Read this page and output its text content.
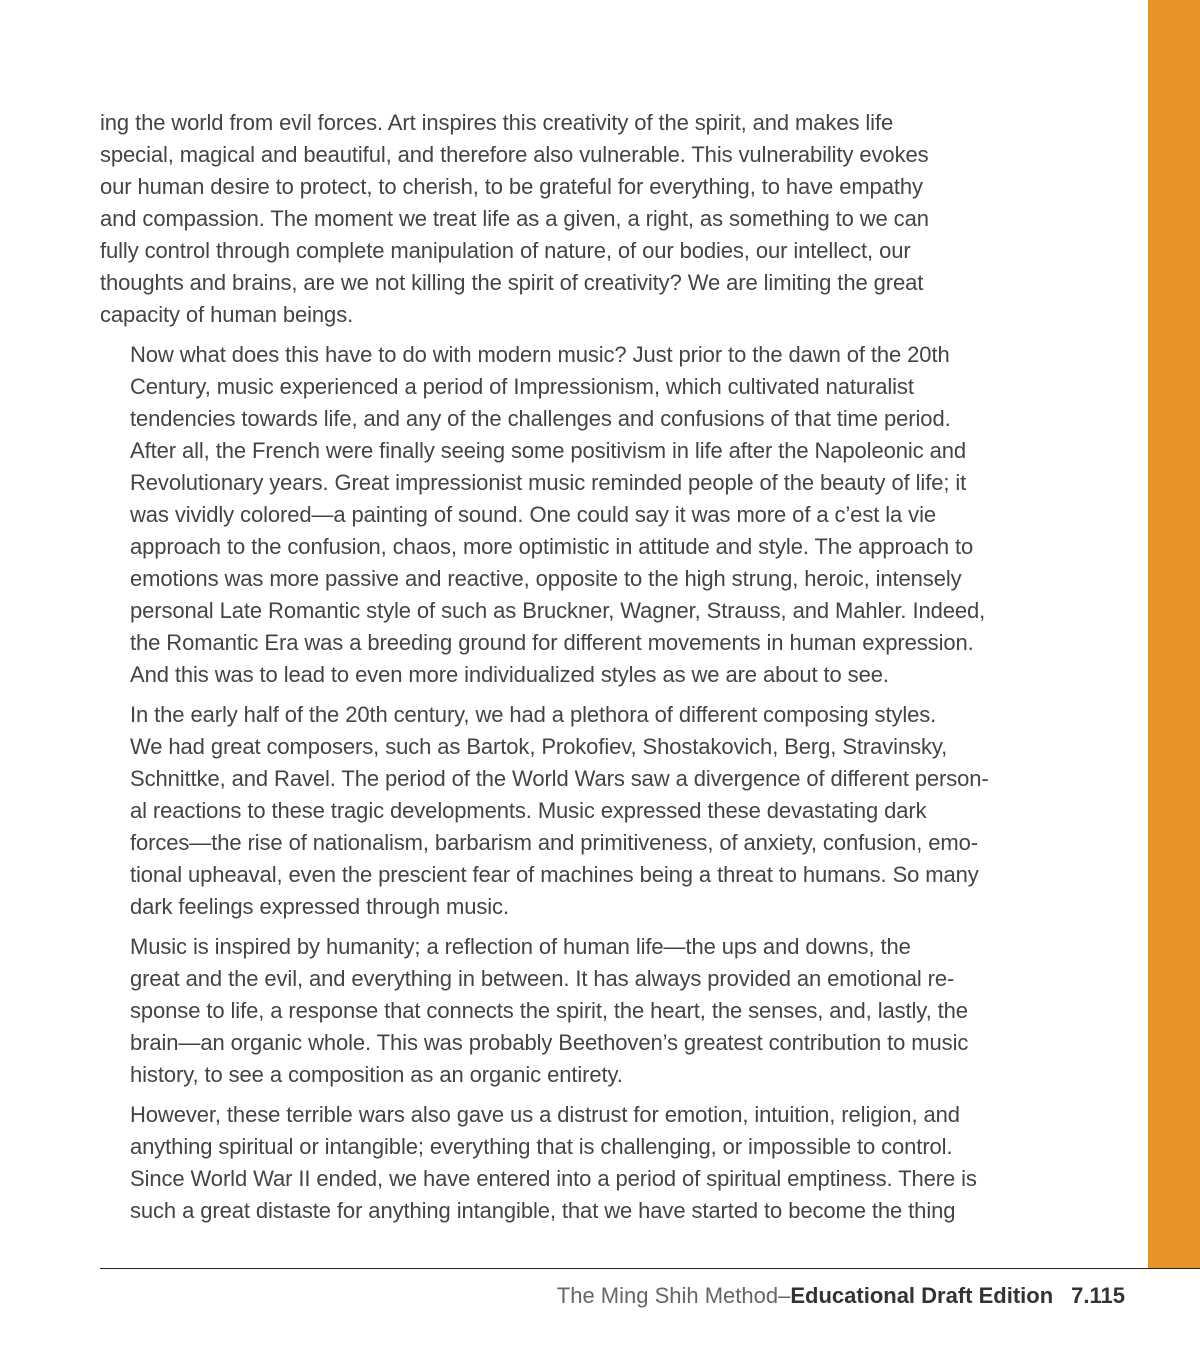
ing the world from evil forces. Art inspires this creativity of the spirit, and makes life
special, magical and beautiful, and therefore also vulnerable. This vulnerability evokes
our human desire to protect, to cherish, to be grateful for everything, to have empathy
and compassion. The moment we treat life as a given, a right, as something to we can
fully control through complete manipulation of nature, of our bodies, our intellect, our
thoughts and brains, are we not killing the spirit of creativity? We are limiting the great
capacity of human beings.

Now what does this have to do with modern music? Just prior to the dawn of the 20th
Century, music experienced a period of Impressionism, which cultivated naturalist
tendencies towards life, and any of the challenges and confusions of that time period.
After all, the French were finally seeing some positivism in life after the Napoleonic and
Revolutionary years. Great impressionist music reminded people of the beauty of life; it
was vividly colored—a painting of sound. One could say it was more of a c’est la vie
approach to the confusion, chaos, more optimistic in attitude and style. The approach to
emotions was more passive and reactive, opposite to the high strung, heroic, intensely
personal Late Romantic style of such as Bruckner, Wagner, Strauss, and Mahler. Indeed,
the Romantic Era was a breeding ground for different movements in human expression.
And this was to lead to even more individualized styles as we are about to see.

In the early half of the 20th century, we had a plethora of different composing styles.
We had great composers, such as Bartok, Prokofiev, Shostakovich, Berg, Stravinsky,
Schnittke, and Ravel. The period of the World Wars saw a divergence of different person-
al reactions to these tragic developments. Music expressed these devastating dark
forces—the rise of nationalism, barbarism and primitiveness, of anxiety, confusion, emo-
tional upheaval, even the prescient fear of machines being a threat to humans. So many
dark feelings expressed through music.

Music is inspired by humanity; a reflection of human life—the ups and downs, the
great and the evil, and everything in between. It has always provided an emotional re-
sponse to life, a response that connects the spirit, the heart, the senses, and, lastly, the
brain—an organic whole. This was probably Beethoven’s greatest contribution to music
history, to see a composition as an organic entirety.

However, these terrible wars also gave us a distrust for emotion, intuition, religion, and
anything spiritual or intangible; everything that is challenging, or impossible to control.
Since World War II ended, we have entered into a period of spiritual emptiness. There is
such a great distaste for anything intangible, that we have started to become the thing

The Ming Shih Method–Educational Draft Edition 7.115
